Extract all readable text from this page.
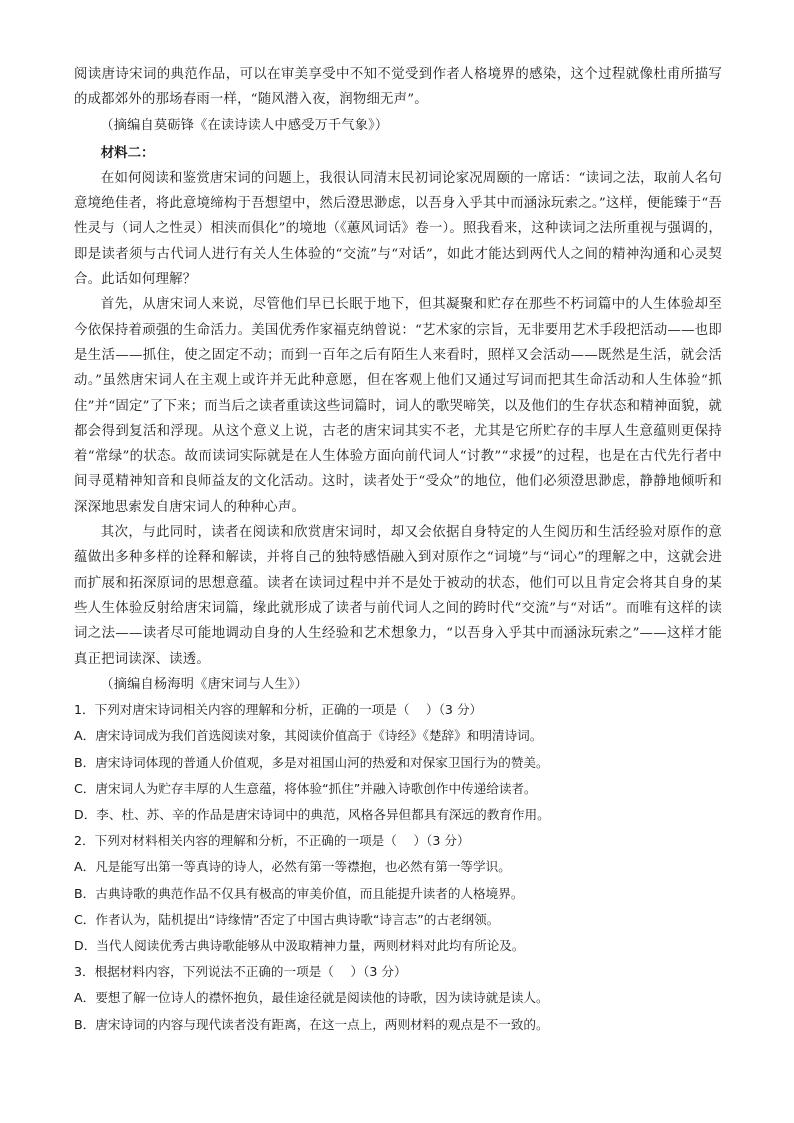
阅读唐诗宋词的典范作品，可以在审美享受中不知不觉受到作者人格境界的感染，这个过程就像杜甫所描写的成都郊外的那场春雨一样，“随风潜入夜，润物细无声”。

（摘编自莫砺锋《在读诗读人中感受万千气象》）

材料二：

在如何阅读和鉴赏唐宋词的问题上，我很认同清末民初词论家况周颐的一席话：“读词之法，取前人名句意境绝佳者，将此意境缔构于吾想望中，然后澄思渺虑，以吾身入乎其中而涵泳玩索之。”这样，便能臻于“吾性灵与（词人之性灵）相浃而俱化”的境地（《蕙风词话》卷一）。照我看来，这种读词之法所重视与强调的，即是读者须与古代词人进行有关人生体验的“交流”与“对话”，如此才能达到两代人之间的精神沟通和心灵契合。此话如何理解？

首先，从唐宋词人来说，尽管他们早已长眠于地下，但其凝聚和贮存在那些不朽词篇中的人生体验却至今依保持着顽强的生命活力。美国优秀作家福克纳曾说：“艺术家的宗旨，无非要用艺术手段把活动——也即是生活——抓住，使之固定不动；而到一百年之后有陌生人来看时，照样又会活动——既然是生活，就会活动。”虽然唐宋词人在主观上或许并无此种意愿，但在客观上他们又通过写词而把其生命活动和人生体验“抓住”并“固定”了下来；而当后之读者重读这些词篇时，词人的歌哭啼笑，以及他们的生存状态和精神面貌，就都会得到复活和浮现。从这个意义上说，古老的唐宋词其实不老，尤其是它所贮存的丰厚人生意蕴则更保持着“常绿”的状态。故而读词实际就是在人生体验方面向前代词人“讨教”“求援”的过程，也是在古代先行者中间寻觅精神知音和良师益友的文化活动。这时，读者处于“受众”的地位，他们必须澄思渺虑，静静地倾听和深深地思索发自唐宋词人的种种心声。

其次，与此同时，读者在阅读和欣赏唐宋词时，却又会依据自身特定的人生阅历和生活经验对原作的意蕴做出多种多样的诠释和解读，并将自己的独特感悟融入到对原作之“词境”与“词心”的理解之中，这就会进而扩展和拓深原词的思想意蕴。读者在读词过程中并不是处于被动的状态，他们可以且肯定会将其自身的某些人生体验反射给唐宋词篇，缘此就形成了读者与前代词人之间的跨时代“交流”与“对话”。而唯有这样的读词之法——读者尽可能地调动自身的人生经验和艺术想象力，“以吾身入乎其中而涵泳玩索之”——这样才能真正把词读深、读透。

（摘编自杨海明《唐宋词与人生》）

1．下列对唐宋诗词相关内容的理解和分析，正确的一项是（　 ）（3 分）
A．唐宋诗词成为我们首选阅读对象，其阅读价值高于《诗经》《楚辞》和明清诗词。
B．唐宋诗词体现的普通人价值观，多是对祖国山河的热爱和对保家卫国行为的赞美。
C．唐宋词人为贮存丰厚的人生意蕴，将体验“抓住”并融入诗歌创作中传递给读者。
D．李、杜、苏、辛的作品是唐宋诗词中的典范，风格各异但都具有深远的教育作用。
2．下列对材料相关内容的理解和分析，不正确的一项是（　 ）（3 分）
A．凡是能写出第一等真诗的诗人，必然有第一等襟抱，也必然有第一等学识。
B．古典诗歌的典范作品不仅具有极高的审美价值，而且能提升读者的人格境界。
C．作者认为，陆机提出“诗缘情”否定了中国古典诗歌“诗言志”的古老纲领。
D．当代人阅读优秀古典诗歌能够从中汲取精神力量，两则材料对此均有所论及。
3．根据材料内容，下列说法不正确的一项是（　 ）（3 分）
A．要想了解一位诗人的襟怀抱负，最佳途径就是阅读他的诗歌，因为读诗就是读人。
B．唐宋诗词的内容与现代读者没有距离，在这一点上，两则材料的观点是不一致的。
